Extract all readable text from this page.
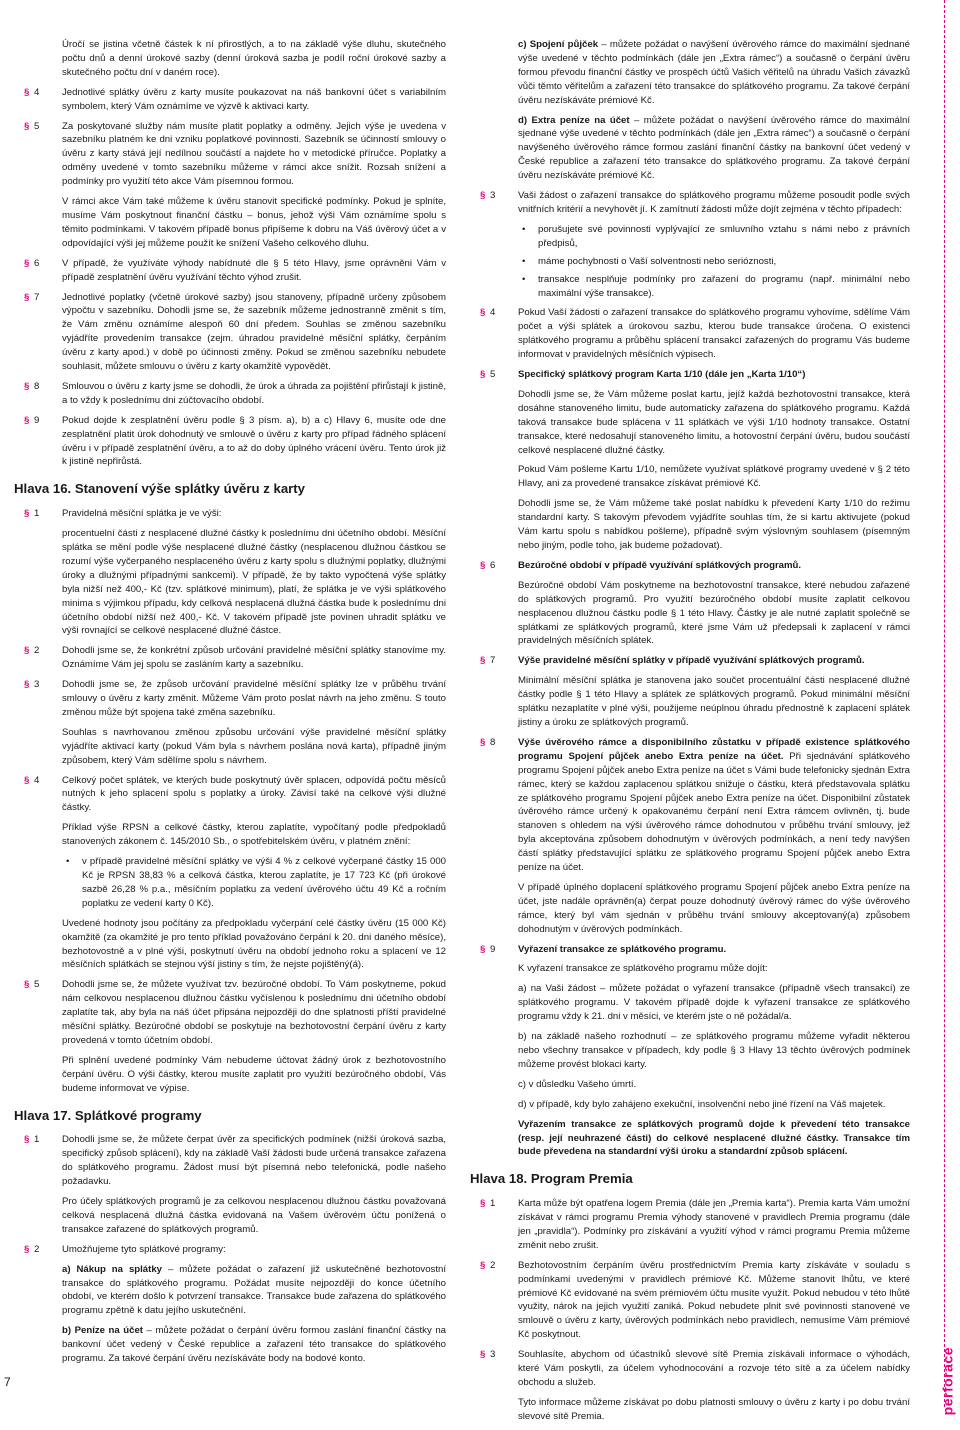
Úročí se jistina včetně částek k ní přirostlých, a to na základě výše dluhu, skutečného počtu dnů a denní úrokové sazby (denní úroková sazba je podíl roční úrokové sazby a skutečného počtu dní v daném roce).

§ 4	Jednotlivé splátky úvěru z karty musíte poukazovat na náš bankovní účet s variabilním symbolem, který Vám oznámíme ve výzvě k aktivaci karty.

§ 5	Za poskytované služby nám musíte platit poplatky a odměny. Jejich výše je uvedena v sazebníku platném ke dni vzniku poplatkové povinnosti. Sazebník se účinností smlouvy o úvěru z karty stává její nedílnou součástí a najdete ho v metodické příručce. Poplatky a odměny uvedené v tomto sazebníku můžeme v rámci akce snížit. Rozsah snížení a podmínky pro využití této akce Vám písemnou formou.

V rámci akce Vám také můžeme k úvěru stanovit specifické podmínky. Pokud je splníte, musíme Vám poskytnout finanční částku – bonus, jehož výši Vám oznámíme spolu s těmito podmínkami. V takovém případě bonus připíšeme k dobru na Váš úvěrový účet a v odpovídající výši jej můžeme použít ke snížení Vašeho celkového dluhu.

§ 6	V případě, že využíváte výhody nabídnuté dle § 5 této Hlavy, jsme oprávněni Vám v případě zesplatnění úvěru využívání těchto výhod zrušit.

§ 7	Jednotlivé poplatky (včetně úrokové sazby) jsou stanoveny, případně určeny způsobem výpočtu v sazebníku. Dohodli jsme se, že sazebník můžeme jednostranně změnit s tím, že Vám změnu oznámíme alespoň 60 dní předem. Souhlas se změnou sazebníku vyjádříte provedením transakce (zejm. úhradou pravidelné měsíční splátky, čerpáním úvěru z karty apod.) v době po účinnosti změny. Pokud se změnou sazebníku nebudete souhlasit, můžete smlouvu o úvěru z karty okamžitě vypovědět.

§ 8	Smlouvou o úvěru z karty jsme se dohodli, že úrok a úhrada za pojištění přirůstají k jistině, a to vždy k poslednímu dni zúčtovacího období.

§ 9	Pokud dojde k zesplatnění úvěru podle § 3 písm. a), b) a c) Hlavy 6, musíte ode dne zesplatnění platit úrok dohodnutý ve smlouvě o úvěru z karty pro případ řádného splácení úvěru i v případě zesplatnění úvěru, a to až do doby úplného vrácení úvěru. Tento úrok již k jistině nepřirůstá.

Hlava 16. Stanovení výše splátky úvěru z karty
§ 1	Pravidelná měsíční splátka je ve výši:

procentuelní části z nesplacené dlužné částky k poslednímu dni účetního období. Měsíční splátka se mění podle výše nesplacené dlužné částky (nesplacenou dlužnou částkou se rozumí výše vyčerpaného nesplaceného úvěru z karty spolu s dlužnými poplatky, dlužnými úroky a dlužnými případnými sankcemi). V případě, že by takto vypočtená výše splátky byla nižší než 400,- Kč (tzv. splátkové minimum), platí, že splátka je ve výši splátkového minima s výjimkou případu, kdy celková nesplacená dlužná částka bude k poslednímu dni účetního období nižší než 400,- Kč. V takovém případě jste povinen uhradit splátku ve výši rovnající se celkové nesplacené dlužné částce.

§ 2	Dohodli jsme se, že konkrétní způsob určování pravidelné měsíční splátky stanovíme my. Oznámíme Vám jej spolu se zasláním karty a sazebníku.

§ 3	Dohodli jsme se, že způsob určování pravidelné měsíční splátky lze v průběhu trvání smlouvy o úvěru z karty změnit. Můžeme Vám proto poslat návrh na jeho změnu. S touto změnou může být spojena také změna sazebníku.

Souhlas s navrhovanou změnou způsobu určování výše pravidelné měsíční splátky vyjádříte aktivací karty (pokud Vám byla s návrhem poslána nová karta), případně jiným způsobem, který Vám sdělíme spolu s návrhem.

§ 4	Celkový počet splátek, ve kterých bude poskytnutý úvěr splacen, odpovídá počtu měsíců nutných k jeho splacení spolu s poplatky a úroky. Závisí také na celkové výši dlužné částky.

Příklad výše RPSN a celkové částky, kterou zaplatíte, vypočítaný podle předpokladů stanovených zákonem č. 145/2010 Sb., o spotřebitelském úvěru, v platném znění:

• v případě pravidelné měsíční splátky ve výši 4 % z celkové vyčerpané částky 15 000 Kč je RPSN 38,83 % a celková částka, kterou zaplatíte, je 17 723 Kč (při úrokové sazbě 26,28 % p.a., měsíčním poplatku za vedení úvěrového účtu 49 Kč a ročním poplatku ze vedení karty 0 Kč).

Uvedené hodnoty jsou počítány za předpokladu vyčerpání celé částky úvěru (15 000 Kč) okamžitě (za okamžité je pro tento příklad považováno čerpání k 20. dni daného měsíce), bezhotovostně a v plné výši, poskytnutí úvěru na období jednoho roku a splacení ve 12 měsíčních splátkách se stejnou výší jistiny s tím, že nejste pojištěný(á).

§ 5	Dohodli jsme se, že můžete využívat tzv. bezúročné období. To Vám poskytneme, pokud nám celkovou nesplacenou dlužnou částku vyčíslenou k poslednímu dni účetního období zaplatíte tak, aby byla na náš účet připsána nejpozději do dne splatnosti příští pravidelné měsíční splátky. Bezúročné období se poskytuje na bezhotovostní čerpání úvěru z karty provedená v tomto účetním období.

Při splnění uvedené podmínky Vám nebudeme účtovat žádný úrok z bezhotovostního čerpání úvěru. O výši částky, kterou musíte zaplatit pro využití bezúročného období, Vás budeme informovat ve výpise.

Hlava 17. Splátkové programy
§ 1	Dohodli jsme se, že můžete čerpat úvěr za specifických podmínek (nižší úroková sazba, specifický způsob splácení), kdy na základě Vaší žádosti bude určená transakce zařazena do splátkového programu. Žádost musí být písemná nebo telefonická, podle našeho požadavku.

Pro účely splátkových programů je za celkovou nesplacenou dlužnou částku považovaná celková nesplacená dlužná částka evidovaná na Vašem úvěrovém účtu ponížená o transakce zařazené do splátkových programů.

§ 2	Umožňujeme tyto splátkové programy:

a) Nákup na splátky – můžete požádat o zařazení již uskutečněné bezhotovostní transakce do splátkového programu. Požádat musíte nejpozději do konce účetního období, ve kterém došlo k potvrzení transakce. Transakce bude zařazena do splátkového programu zpětně k datu jejího uskutečnění.

b) Peníze na účet – můžete požádat o čerpání úvěru formou zaslání finanční částky na bankovní účet vedený v České republice a zařazení této transakce do splátkového programu. Za takové čerpání úvěru nezískáváte body na bodové konto.

c) Spojení půjček – můžete požádat o navýšení úvěrového rámce do maximální sjednané výše uvedené v těchto podmínkách (dále jen „Extra rámec“) a současně o čerpání úvěru formou převodu finanční částky ve prospěch účtů Vašich věřitelů na úhradu Vašich závazků vůči těmto věřitelům a zařazení této transakce do splátkového programu. Za takové čerpání úvěru nezískáváte prémiové Kč.
d) Extra peníze na účet – můžete požádat o navýšení úvěrového rámce do maximální sjednané výše uvedené v těchto podmínkách (dále jen „Extra rámec“) a současně o čerpání navýšeného úvěrového rámce formou zaslání finanční částky na bankovní účet vedený v České republice a zařazení této transakce do splátkového programu. Za takové čerpání úvěru nezískáváte prémiové Kč.
§ 3	Vaši žádost o zařazení transakce do splátkového programu můžeme posoudit podle svých vnitřních kritérií a nevyhovět jí. K zamítnutí žádosti může dojít zejména v těchto případech:

• porušujete své povinnosti vyplývající ze smluvního vztahu s námi nebo z právních předpisů,
• máme pochybnosti o Vaší solventnosti nebo serióznosti,
• transakce nesplňuje podmínky pro zařazení do programu (např. minimální nebo maximální výše transakce).
§ 4	Pokud Vaší žádosti o zařazení transakce do splátkového programu vyhovíme, sdělíme Vám počet a výši splátek a úrokovou sazbu, kterou bude transakce úročena. O existenci splátkového programu a průběhu splácení transakcí zařazených do programu Vás budeme informovat v pravidelných měsíčních výpisech.

§ 5	Specifický splátkový program Karta 1/10 (dále jen „Karta 1/10“)

Dohodli jsme se, že Vám můžeme poslat kartu, jejíž každá bezhotovostní transakce, která dosáhne stanoveného limitu, bude automaticky zařazena do splátkového programu. Každá taková transakce bude splácena v 11 splátkách ve výši 1/10 hodnoty transakce. Ostatní transakce, které nedosahují stanoveného limitu, a hotovostní čerpání úvěru, budou součástí celkové nesplacené dlužné částky.

Pokud Vám pošleme Kartu 1/10, nemůžete využívat splátkové programy uvedené v § 2 této Hlavy, ani za provedené transakce získávat prémiové Kč.

Dohodli jsme se, že Vám můžeme také poslat nabídku k převedení Karty 1/10 do režimu standardní karty. S takovým převodem vyjádříte souhlas tím, že si kartu aktivujete (pokud Vám kartu spolu s nabídkou pošleme), případně svým výslovným souhlasem (písemným nebo jiným, podle toho, jak budeme požadovat).

§ 6	Bezúročné období v případě využívání splátkových programů.

Bezúročné období Vám poskytneme na bezhotovostní transakce, které nebudou zařazené do splátkových programů. Pro využití bezúročného období musíte zaplatit celkovou nesplacenou dlužnou částku podle § 1 této Hlavy. Částky je ale nutné zaplatit společně se splátkami ze splátkových programů, které jsme Vám už předepsali k zaplacení v rámci pravidelných měsíčních splátek.

§ 7	Výše pravidelné měsíční splátky v případě využívání splátkových programů.

Minimální měsíční splátka je stanovena jako součet procentuální části nesplacené dlužné částky podle § 1 této Hlavy a splátek ze splátkových programů. Pokud minimální měsíční splátku nezaplatíte v plné výši, použijeme neúplnou úhradu přednostně k zaplacení splátek jistiny a úroku ze splátkových programů.

§ 8	Výše úvěrového rámce a disponibilního zůstatku v případě existence splátkového programu Spojení půjček anebo Extra peníze na účet. Při sjednávání splátkového programu Spojení půjček anebo Extra peníze na účet s Vámi bude telefonicky sjednán Extra rámec, který se každou zaplacenou splátkou snižuje o částku, která představovala splátku ze splátkového programu Spojení půjček anebo Extra peníze na účet. Disponibilní zůstatek úvěrového rámce určený k opakovanému čerpání není Extra rámcem ovlivněn, tj. bude stanoven s ohledem na výši úvěrového rámce dohodnutou v průběhu trvání smlouvy, jež byla akceptována způsobem dohodnutým v úvěrových podmínkách, a není tedy navýšen částí splátky představující splátku ze splátkového programu Spojení půjček anebo Extra peníze na účet.

V případě úplného doplacení splátkového programu Spojení půjček anebo Extra peníze na účet, jste nadále oprávněn(a) čerpat pouze dohodnutý úvěrový rámec do výše úvěrového rámce, který byl vám sjednán v průběhu trvání smlouvy akceptovaný(a) způsobem dohodnutým v úvěrových podmínkách.

§ 9	Vyřazení transakce ze splátkového programu.

K vyřazení transakce ze splátkového programu může dojít:

a) na Vaši žádost – můžete požádat o vyřazení transakce (případně všech transakcí) ze splátkového programu. V takovém případě dojde k vyřazení transakce ze splátkového programu vždy k 21. dni v měsíci, ve kterém jste o ně požádal/a.

b) na základě našeho rozhodnutí – ze splátkového programu můžeme vyřadit některou nebo všechny transakce v případech, kdy podle § 3 Hlavy 13 těchto úvěrových podmínek můžeme provést blokaci karty.

c) v důsledku Vašeho úmrtí.

d) v případě, kdy bylo zahájeno exekuční, insolvenční nebo jiné řízení na Váš majetek.

Vyřazením transakce ze splátkových programů dojde k převedení této transakce (resp. její neuhrazené části) do celkové nesplacené dlužné částky. Transakce tím bude převedena na standardní výši úroku a standardní způsob splácení.

Hlava 18. Program Premia
§ 1	Karta může být opatřena logem Premia (dále jen „Premia karta“). Premia karta Vám umožní získávat v rámci programu Premia výhody stanovené v pravidlech Premia programu (dále jen „pravidla“). Podmínky pro získávání a využití výhod v rámci programu Premia můžeme změnit nebo zrušit.

§ 2	Bezhotovostním čerpáním úvěru prostřednictvím Premia karty získáváte v souladu s podmínkami uvedenými v pravidlech prémiové Kč. Můžeme stanovit lhůtu, ve které prémiové Kč evidované na svém prémiovém účtu musíte využít. Pokud nebudou v této lhůtě využity, nárok na jejich využití zaniká. Pokud nebudete plnit své povinnosti stanovené ve smlouvě o úvěru z karty, úvěrových podmínkách nebo pravidlech, nemusíme Vám prémiové Kč poskytnout.

§ 3	Souhlasíte, abychom od účastníků slevové sítě Premia získávali informace o výhodách, které Vám poskytli, za účelem vyhodnocování a rozvoje této sítě a za účelem nabídky obchodu a služeb.

Tyto informace můžeme získávat po dobu platnosti smlouvy o úvěru z karty i po dobu trvání slevové sítě Premia.

7	perforace
